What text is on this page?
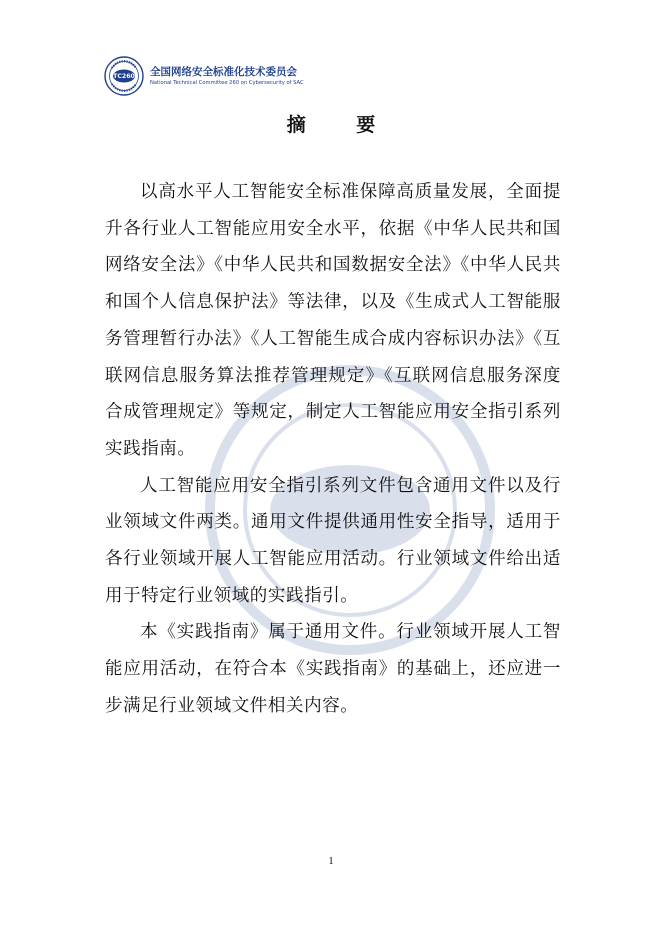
TC260 全国网络安全标准化技术委员会
National Technical Committee 260 on Cybersecurity of SAC
摘 要

以高水平人工智能安全标准保障高质量发展，全面提升各行业人工智能应用安全水平，依据《中华人民共和国网络安全法》《中华人民共和国数据安全法》《中华人民共和国个人信息保护法》等法律，以及《生成式人工智能服务管理暂行办法》《人工智能生成合成内容标识办法》《互联网信息服务算法推荐管理规定》《互联网信息服务深度合成管理规定》等规定，制定人工智能应用安全指引系列实践指南。

人工智能应用安全指引系列文件包含通用文件以及行业领域文件两类。通用文件提供通用性安全指导，适用于各行业领域开展人工智能应用活动。行业领域文件给出适用于特定行业领域的实践指引。

本《实践指南》属于通用文件。行业领域开展人工智能应用活动，在符合本《实践指南》的基础上，还应进一步满足行业领域文件相关内容。

1
